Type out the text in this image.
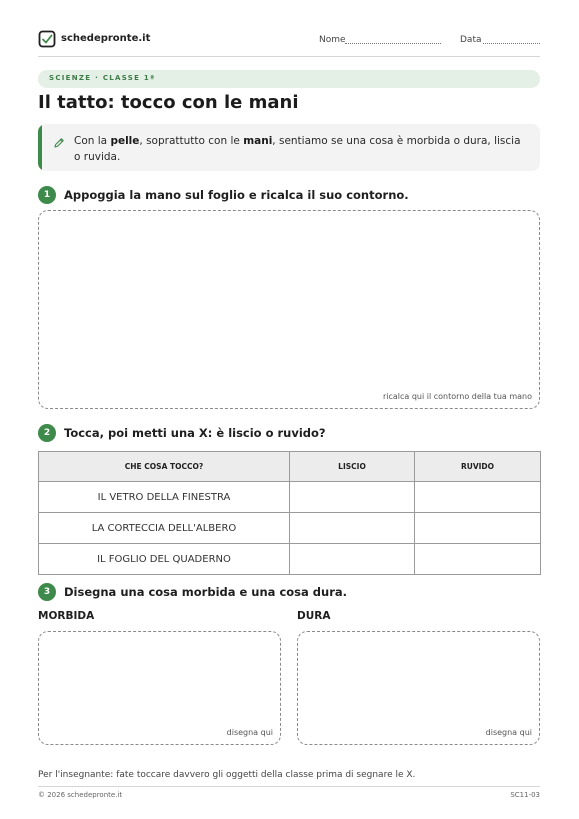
schedepronte.it	Nome	Data
SCIENZE · CLASSE 1ª
Il tatto: tocco con le mani
Con la pelle, soprattutto con le mani, sentiamo se una cosa è morbida o dura, liscia o ruvida.
1	Appoggia la mano sul foglio e ricalca il suo contorno.
ricalca qui il contorno della tua mano
2	Tocca, poi metti una X: è liscio o ruvido?
CHE COSA TOCCO?	LISCIO	RUVIDO
IL VETRO DELLA FINESTRA		
LA CORTECCIA DELL'ALBERO		
IL FOGLIO DEL QUADERNO		
3	Disegna una cosa morbida e una cosa dura.
MORBIDA	DURA
disegna qui	disegna qui
Per l'insegnante: fate toccare davvero gli oggetti della classe prima di segnare le X.
© 2026 schedepronte.it	SC11-03
